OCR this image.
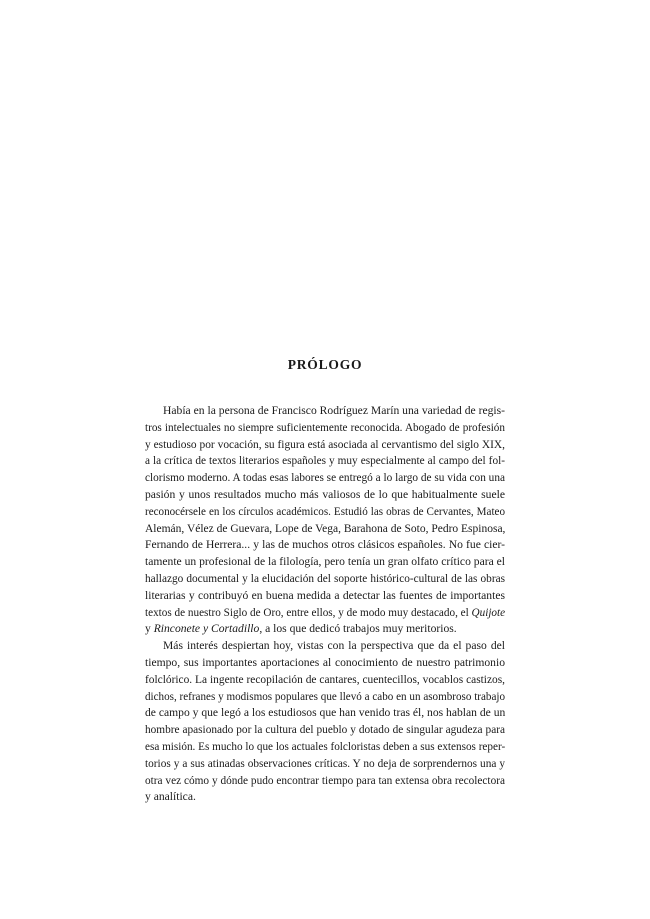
PRÓLOGO
Había en la persona de Francisco Rodríguez Marín una variedad de regis-
tros intelectuales no siempre suficientemente reconocida. Abogado de profesión
y estudioso por vocación, su figura está asociada al cervantismo del siglo XIX,
a la crítica de textos literarios españoles y muy especialmente al campo del fol-
clorismo moderno. A todas esas labores se entregó a lo largo de su vida con una
pasión y unos resultados mucho más valiosos de lo que habitualmente suele
reconocérsele en los círculos académicos. Estudió las obras de Cervantes, Mateo
Alemán, Vélez de Guevara, Lope de Vega, Barahona de Soto, Pedro Espinosa,
Fernando de Herrera... y las de muchos otros clásicos españoles. No fue cier-
tamente un profesional de la filología, pero tenía un gran olfato crítico para el
hallazgo documental y la elucidación del soporte histórico-cultural de las obras
literarias y contribuyó en buena medida a detectar las fuentes de importantes
textos de nuestro Siglo de Oro, entre ellos, y de modo muy destacado, el Quijote
y Rinconete y Cortadillo, a los que dedicó trabajos muy meritorios.
Más interés despiertan hoy, vistas con la perspectiva que da el paso del
tiempo, sus importantes aportaciones al conocimiento de nuestro patrimonio
folclórico. La ingente recopilación de cantares, cuentecillos, vocablos castizos,
dichos, refranes y modismos populares que llevó a cabo en un asombroso trabajo
de campo y que legó a los estudiosos que han venido tras él, nos hablan de un
hombre apasionado por la cultura del pueblo y dotado de singular agudeza para
esa misión. Es mucho lo que los actuales folcloristas deben a sus extensos reper-
torios y a sus atinadas observaciones críticas. Y no deja de sorprendernos una y
otra vez cómo y dónde pudo encontrar tiempo para tan extensa obra recolectora
y analítica.
